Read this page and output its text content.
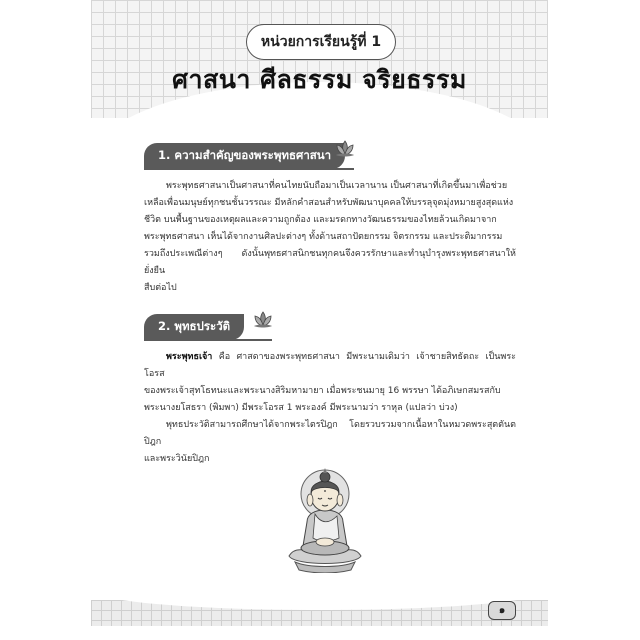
หน่วยการเรียนรู้ที่ 1
ศาสนา ศีลธรรม จริยธรรม
1. ความสำคัญของพระพุทธศาสนา

พระพุทธศาสนาเป็นศาสนาที่คนไทยนับถือมาเป็นเวลานาน เป็นศาสนาที่เกิดขึ้นมาเพื่อช่วย

เหลือเพื่อนมนุษย์ทุกชนชั้นวรรณะ มีหลักคำสอนสำหรับพัฒนาบุคคลให้บรรลุจุดมุ่งหมายสูงสุดแห่ง
ชีวิต บนพื้นฐานของเหตุผลและความถูกต้อง และมรดกทางวัฒนธรรมของไทยล้วนเกิดมาจาก
พระพุทธศาสนา เห็นได้จากงานศิลปะต่างๆ ทั้งด้านสถาปัตยกรรม จิตรกรรม และประติมากรรม
รวมถึงประเพณีต่างๆ ดังนั้นพุทธศาสนิกชนทุกคนจึงควรรักษาและทำนุบำรุงพระพุทธศาสนาให้ยั่งยืน
สืบต่อไป
2. พุทธประวัติ

พระพุทธเจ้า คือ ศาสดาของพระพุทธศาสนา มีพระนามเดิมว่า เจ้าชายสิทธัตถะ เป็นพระโอรส

ของพระเจ้าสุทโธทนะและพระนางสิริมหามายา เมื่อพระชนมายุ 16 พรรษา ได้อภิเษกสมรสกับ
พระนางยโสธรา (พิมพา) มีพระโอรส 1 พระองค์ มีพระนามว่า ราหุล (แปลว่า บ่วง)

พุทธประวัติสามารถศึกษาได้จากพระไตรปิฎก โดยรวบรวมจากเนื้อหาในหมวดพระสุตตันตปิฎก

และพระวินัยปิฎก
๑
